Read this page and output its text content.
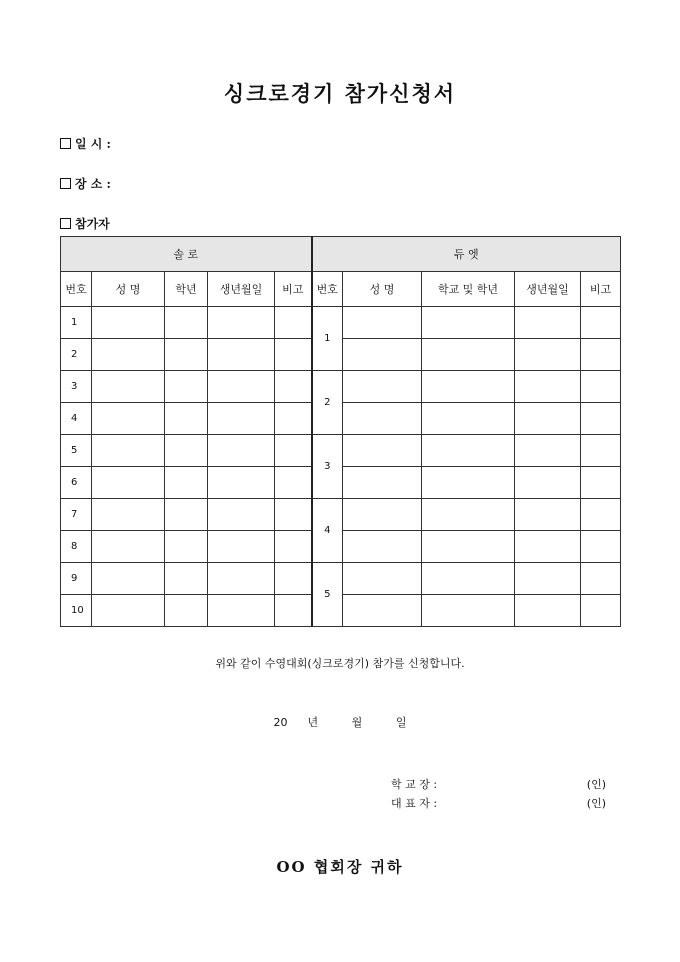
싱크로경기 참가신청서
일 시 :
장 소 :
참가자
솔 로					듀 엣				
번호	성 명	학년	생년월일	비고	번호	성 명	학교 및 학년	생년월일	비고
1					1				
2									
3					2				
4									
5					3				
6									
7					4				
8									
9					5				
10									
위와 같이 수영대회(싱크로경기) 참가를 신청합니다.
20 년	월	일
학 교 장 :	(인)
대 표 자 :	(인)
OO 협회장 귀하
